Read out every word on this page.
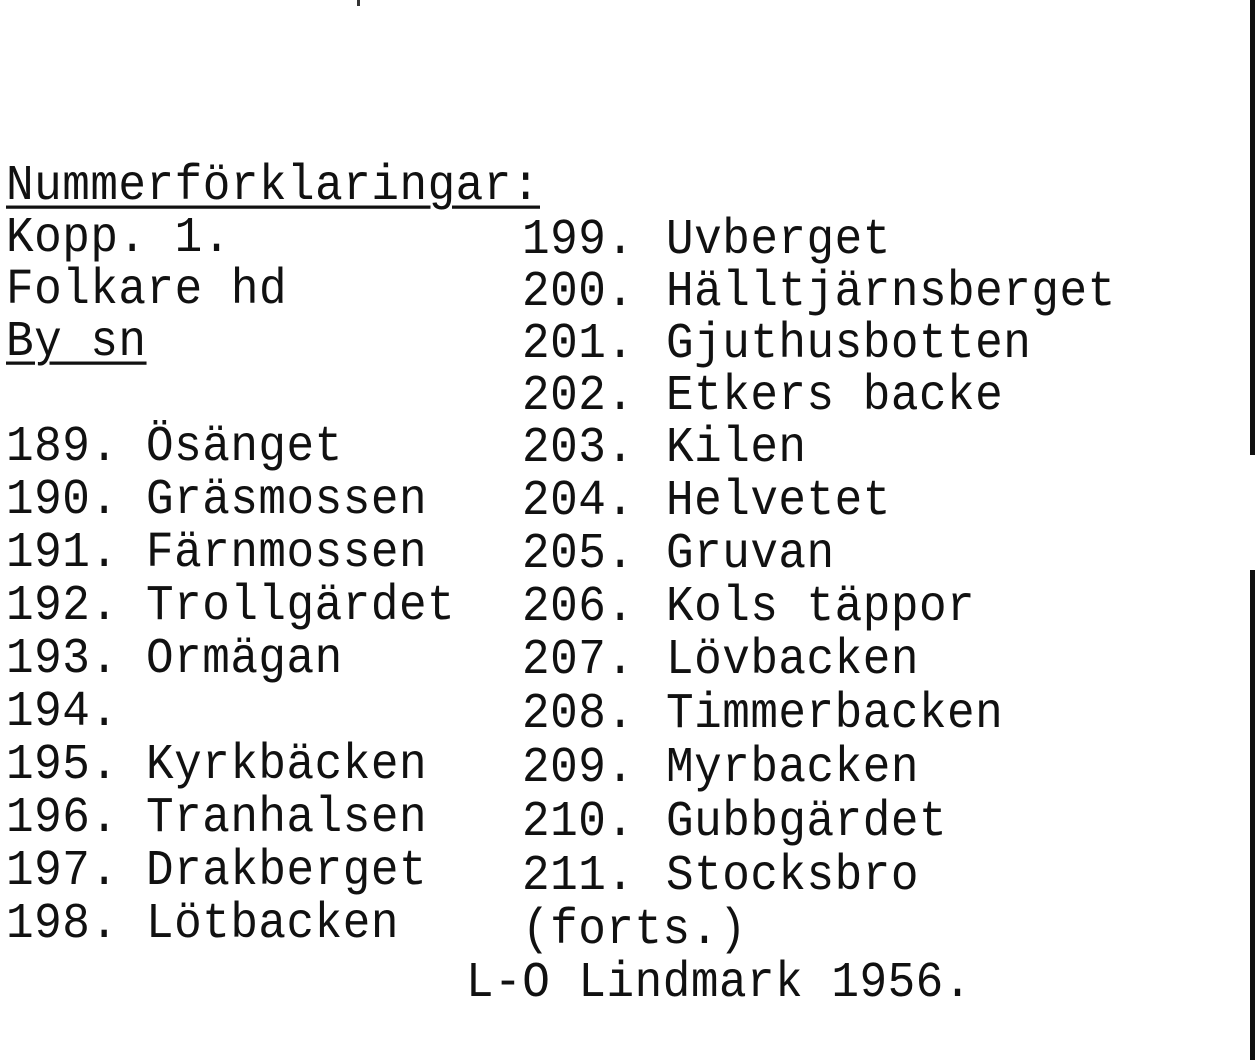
Nummerförklaringar:
Kopp. 1.
Folkare hd
By sn
189. Ösänget
190. Gräsmossen
191. Färnmossen
192. Trollgärdet
193. Ormägan
194.
195. Kyrkbäcken
196. Tranhalsen
197. Drakberget
198. Lötbacken
199. Uvberget
200. Hälltjärnsberget
201. Gjuthusbotten
202. Etkers backe
203. Kilen
204. Helvetet
205. Gruvan
206. Kols täppor
207. Lövbacken
208. Timmerbacken
209. Myrbacken
210. Gubbgärdet
211. Stocksbro
(forts.)
L-O Lindmark 1956.
